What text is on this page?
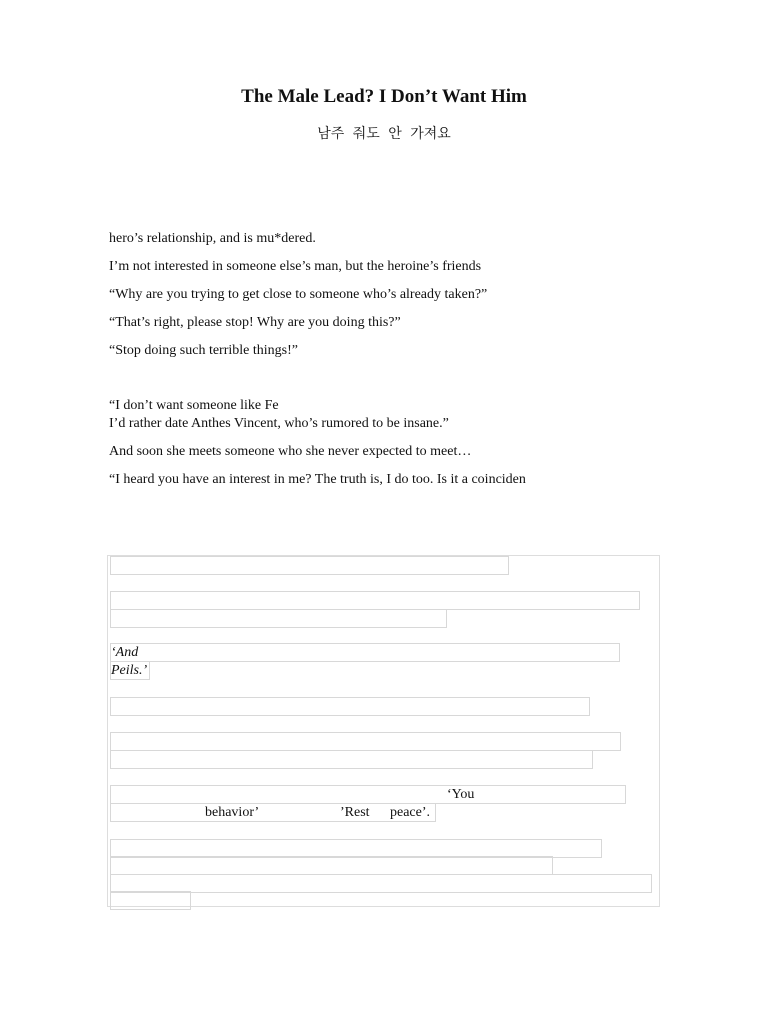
The Male Lead? I Don’t Want Him
남주 줘도 안 가져요
hero’s relationship, and is mu*dered.
I’m not interested in someone else’s man, but the heroine’s friends
“Why are you trying to get close to someone who’s already taken?”
“That’s right, please stop! Why are you doing this?”
“Stop doing such terrible things!”
“I don’t want someone like Fe
I’d rather date Anthes Vincent, who’s rumored to be insane.”
And soon she meets someone who she never expected to meet…
“I heard you have an interest in me? The truth is, I do too. Is it a coinciden
‘And
Peils.’
‘You
behavior’	’Rest peace’.
